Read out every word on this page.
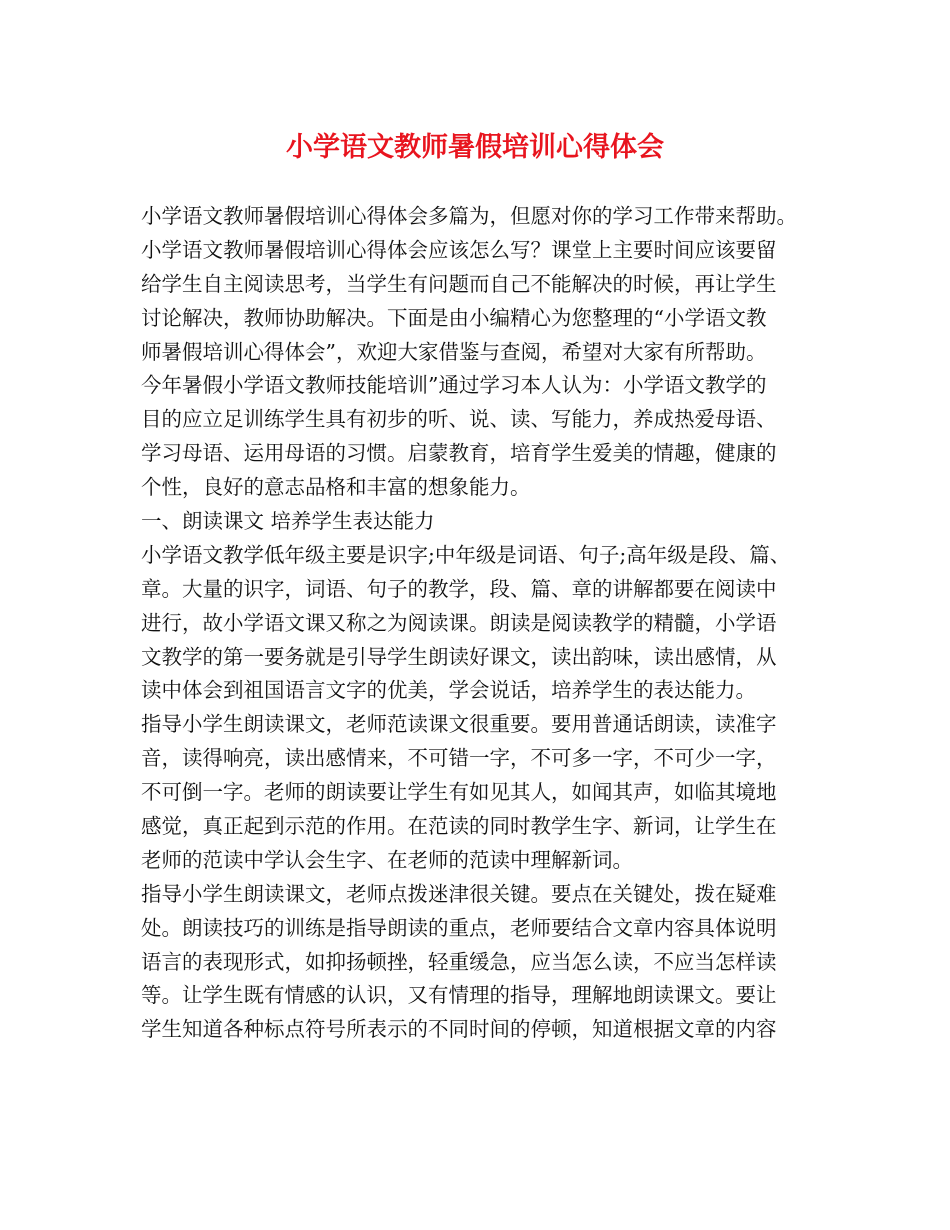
小学语文教师暑假培训心得体会
小学语文教师暑假培训心得体会多篇为，但愿对你的学习工作带来帮助。
小学语文教师暑假培训心得体会应该怎么写？课堂上主要时间应该要留
给学生自主阅读思考，当学生有问题而自己不能解决的时候，再让学生
讨论解决，教师协助解决。下面是由小编精心为您整理的“小学语文教
师暑假培训心得体会”，欢迎大家借鉴与查阅，希望对大家有所帮助。
今年暑假小学语文教师技能培训”通过学习本人认为：小学语文教学的
目的应立足训练学生具有初步的听、说、读、写能力，养成热爱母语、
学习母语、运用母语的习惯。启蒙教育，培育学生爱美的情趣，健康的
个性，良好的意志品格和丰富的想象能力。
一、朗读课文 培养学生表达能力
小学语文教学低年级主要是识字;中年级是词语、句子;高年级是段、篇、
章。大量的识字，词语、句子的教学，段、篇、章的讲解都要在阅读中
进行，故小学语文课又称之为阅读课。朗读是阅读教学的精髓，小学语
文教学的第一要务就是引导学生朗读好课文，读出韵味，读出感情，从
读中体会到祖国语言文字的优美，学会说话，培养学生的表达能力。
指导小学生朗读课文，老师范读课文很重要。要用普通话朗读，读准字
音，读得响亮，读出感情来，不可错一字，不可多一字，不可少一字，
不可倒一字。老师的朗读要让学生有如见其人，如闻其声，如临其境地
感觉，真正起到示范的作用。在范读的同时教学生字、新词，让学生在
老师的范读中学认会生字、在老师的范读中理解新词。
指导小学生朗读课文，老师点拨迷津很关键。要点在关键处，拨在疑难
处。朗读技巧的训练是指导朗读的重点，老师要结合文章内容具体说明
语言的表现形式，如抑扬顿挫，轻重缓急，应当怎么读，不应当怎样读
等。让学生既有情感的认识，又有情理的指导，理解地朗读课文。要让
学生知道各种标点符号所表示的不同时间的停顿，知道根据文章的内容
